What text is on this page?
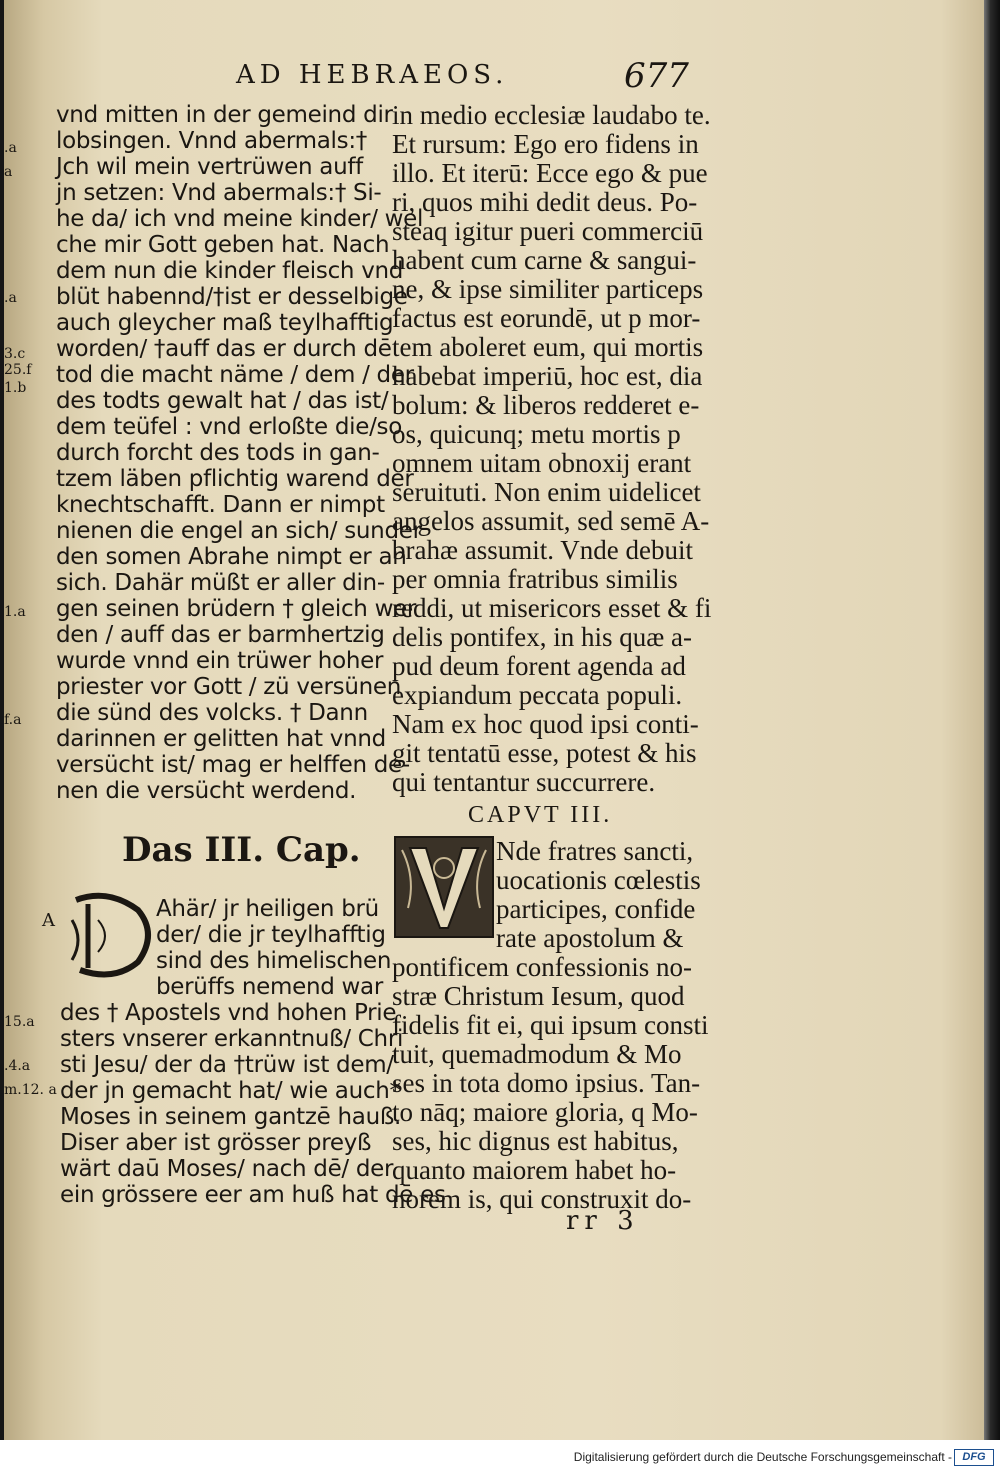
AD HEBRAEOS.	677
vnd mitten in der gemeind dir
lobsingen. Vnnd abermals:†
Jch wil mein vertrüwen auff
jn setzen: Vnd abermals:† Si-
he da/ ich vnd meine kinder/ wel
che mir Gott geben hat. Nach
dem nun die kinder fleisch vnd
blüt habennd/†ist er desselbige
auch gleycher maß teylhafftig
worden/ †auff das er durch dē
tod die macht näme / dem / der
des todts gewalt hat / das ist/
dem teüfel : vnd erloßte die/so
durch forcht des tods in gan-
tzem läben pflichtig warend der
knechtschafft. Dann er nimpt
nienen die engel an sich/ sunder
den somen Abrahe nimpt er an
sich. Dahär müßt er aller din-
gen seinen brüdern † gleich wer
den / auff das er barmhertzig
wurde vnnd ein trüwer hoher
priester vor Gott / zü versünen
die sünd des volcks. † Dann
darinnen er gelitten hat vnnd
versücht ist/ mag er helffen de-
nen die versücht werdend.
Das III. Cap.
Ahär/ jr heiligen brü
der/ die jr teylhafftig
sind des himelischen
berüffs nemend war
des † Apostels vnd hohen Prie
sters vnserer erkanntnuß/ Chri
sti Jesu/ der da †trüw ist dem/
der jn gemacht hat/ wie auch*
Moses in seinem gantzē hauß.
Diser aber ist grösser preyß
wärt daū Moses/ nach dē/ der
ein grössere eer am huß hat dē es
in medio ecclesiæ laudabo te.
Et rursum: Ego ero fidens in
illo. Et iterū: Ecce ego & pue
ri, quos mihi dedit deus. Po-
steaq igitur pueri commerciū
habent cum carne & sangui-
ne, & ipse similiter particeps
factus est eorundē, ut p mor-
tem aboleret eum, qui mortis
habebat imperiū, hoc est, dia
bolum: & liberos redderet e-
os, quicunq; metu mortis p
omnem uitam obnoxij erant
seruituti. Non enim uidelicet
angelos assumit, sed semē A-
brahæ assumit. Vnde debuit
per omnia fratribus similis
reddi, ut misericors esset & fi
delis pontifex, in his quæ a-
pud deum forent agenda ad
expiandum peccata populi.
Nam ex hoc quod ipsi conti-
git tentatū esse, potest & his
qui tentantur succurrere.
CAPVT III.
Nde fratres sancti,
uocationis cœlestis
participes, confide
rate apostolum &
pontificem confessionis no-
stræ Christum Iesum, quod
fidelis fit ei, qui ipsum consti
tuit, quemadmodum & Mo
ses in tota domo ipsius. Tan-
to nāq; maiore gloria, q Mo-
ses, hic dignus est habitus,
quanto maiorem habet ho-
norem is, qui construxit do-
rr 3
.a
a
.a
3.c
25.f
1.b
1.a
f.a
A
15.a
.4.a
m.12. a
Digitalisierung gefördert durch die Deutsche Forschungsgemeinschaft - DFG
